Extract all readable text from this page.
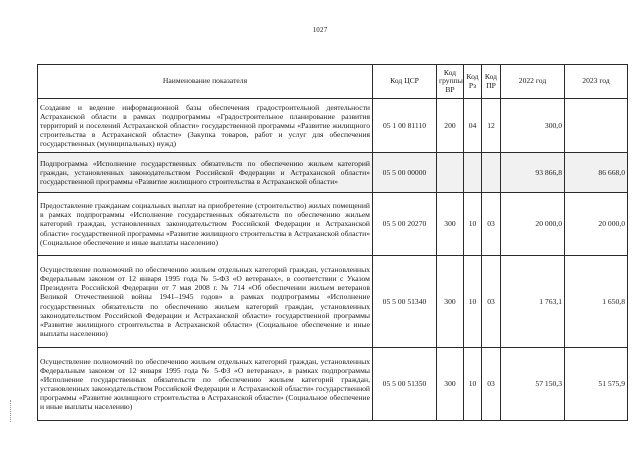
1027
Наименование показателя	Код ЦСР	Код группы ВР	Код Рз	Код ПР	2022 год	2023 год
Создание и ведение информационной базы обеспечения градостроительной деятельности Астраханской области в рамках подпрограммы «Градостроительное планирование развития территорий и поселений Астраханской области» государственной программы «Развитие жилищного строительства в Астраханской области» (Закупка товаров, работ и услуг для обеспечения государственных (муниципальных) нужд)	05 1 00 81110	200	04	12	300,0	
Подпрограмма «Исполнение государственных обязательств по обеспечению жильем категорий граждан, установленных законодательством Российской Федерации и Астраханской области» государственной программы «Развитие жилищного строительства в Астраханской области»	05 5 00 00000				93 866,8	86 668,0
Предоставление гражданам социальных выплат на приобретение (строительство) жилых помещений в рамках подпрограммы «Исполнение государственных обязательств по обеспечению жильем категорий граждан, установленных законодательством Российской Федерации и Астраханской области» государственной программы «Развитие жилищного строительства в Астраханской области» (Социальное обеспечение и иные выплаты населению)	05 5 00 20270	300	10	03	20 000,0	20 000,0
Осуществление полномочий по обеспечению жильем отдельных категорий граждан, установленных Федеральным законом от 12 января 1995 года № 5-ФЗ «О ветеранах», в соответствии с Указом Президента Российской Федерации от 7 мая 2008 г. № 714 «Об обеспечении жильем ветеранов Великой Отечественной войны 1941–1945 годов» в рамках подпрограммы «Исполнение государственных обязательств по обеспечению жильем категорий граждан, установленных законодательством Российской Федерации и Астраханской области» государственной программы «Развитие жилищного строительства в Астраханской области» (Социальное обеспечение и иные выплаты населению)	05 5 00 51340	300	10	03	1 763,1	1 650,8
Осуществление полномочий по обеспечению жильем отдельных категорий граждан, установленных Федеральным законом от 12 января 1995 года № 5-ФЗ «О ветеранах», в рамках подпрограммы «Исполнение государственных обязательств по обеспечению жильем категорий граждан, установленных законодательством Российской Федерации и Астраханской области» государственной программы «Развитие жилищного строительства в Астраханской области» (Социальное обеспечение и иные выплаты населению)	05 5 00 51350	300	10	03	57 150,3	51 575,9
